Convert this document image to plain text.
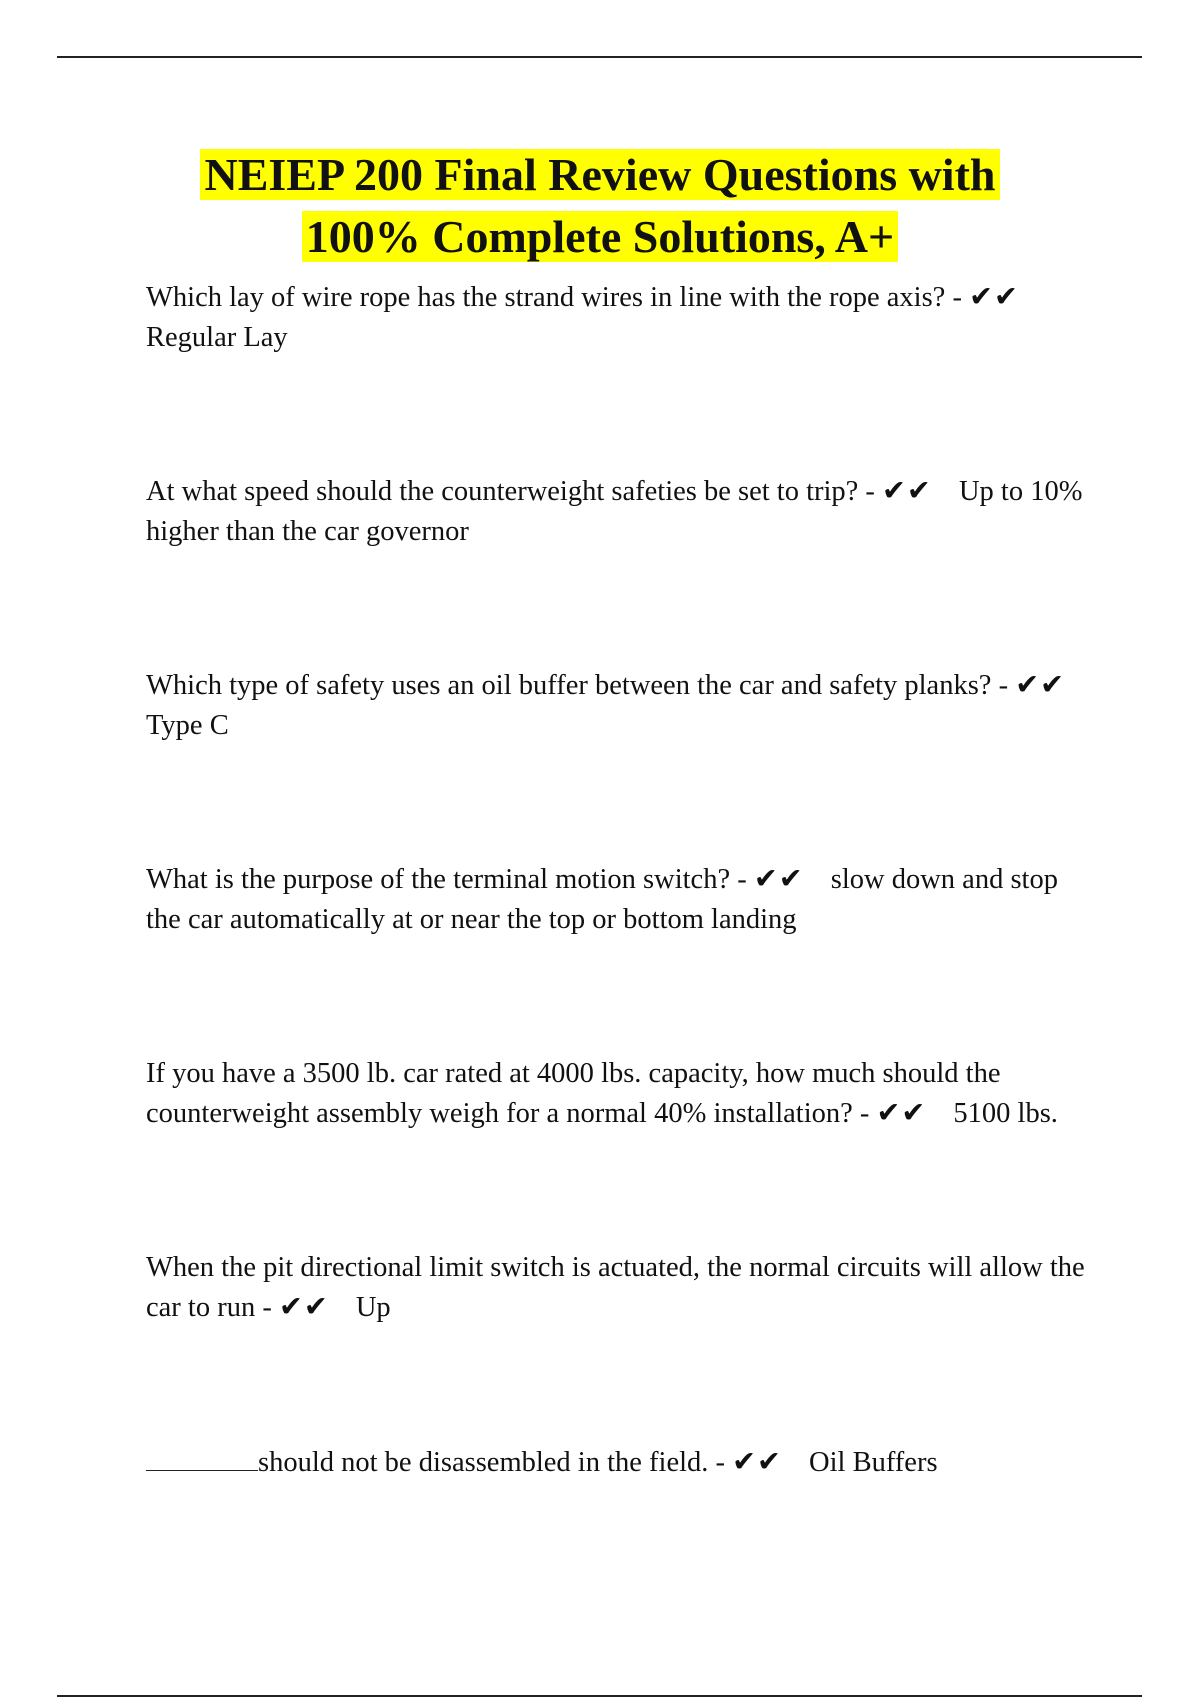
NEIEP 200 Final Review Questions with
100% Complete Solutions, A+

Which lay of wire rope has the strand wires in line with the rope axis? - ✔✔ Regular Lay

At what speed should the counterweight safeties be set to trip? - ✔✔ Up to 10% higher than the car governor

Which type of safety uses an oil buffer between the car and safety planks? - ✔✔ Type C

What is the purpose of the terminal motion switch? - ✔✔ slow down and stop the car automatically at or near the top or bottom landing

If you have a 3500 lb. car rated at 4000 lbs. capacity, how much should the counterweight assembly weigh for a normal 40% installation? - ✔✔ 5100 lbs.

When the pit directional limit switch is actuated, the normal circuits will allow the car to run - ✔✔ Up

should not be disassembled in the field. - ✔✔ Oil Buffers
